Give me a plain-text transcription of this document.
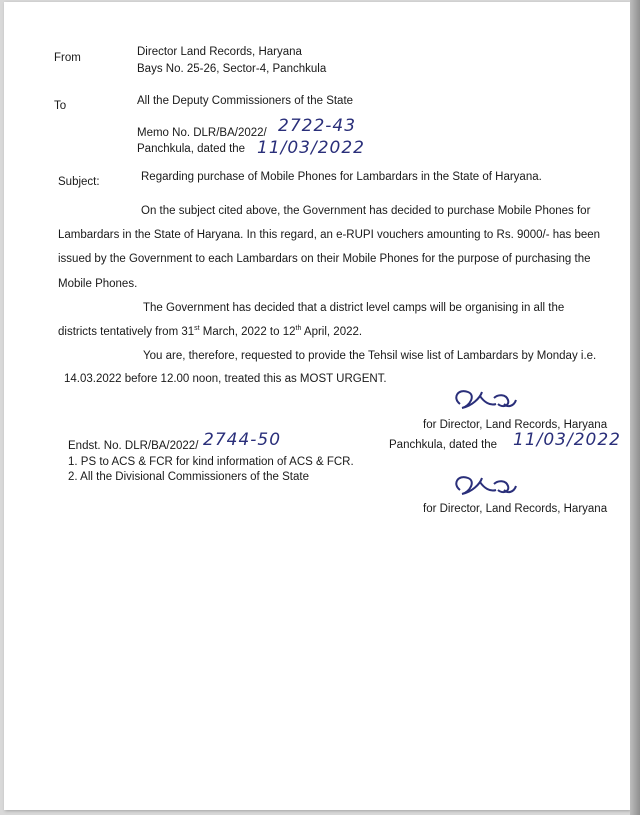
From	Director Land Records, Haryana
Bays No. 25-26, Sector-4, Panchkula
To	All the Deputy Commissioners of the State
Memo No. DLR/BA/2022/ 2722-43
Panchkula, dated the 11/03/2022
Subject:	Regarding purchase of Mobile Phones for Lambardars in the State of Haryana.
On the subject cited above, the Government has decided to purchase Mobile Phones for
Lambardars in the State of Haryana. In this regard, an e-RUPI vouchers amounting to Rs. 9000/- has been
issued by the Government to each Lambardars on their Mobile Phones for the purpose of purchasing the
Mobile Phones.
The Government has decided that a district level camps will be organising in all the
districts tentatively from 31st March, 2022 to 12th April, 2022.
You are, therefore, requested to provide the Tehsil wise list of Lambardars by Monday i.e.
14.03.2022 before 12.00 noon, treated this as MOST URGENT.
for Director, Land Records, Haryana
Endst. No. DLR/BA/2022/ 2744-50	Panchkula, dated the 11/03/2022
1. PS to ACS & FCR for kind information of ACS & FCR.
2. All the Divisional Commissioners of the State
for Director, Land Records, Haryana
